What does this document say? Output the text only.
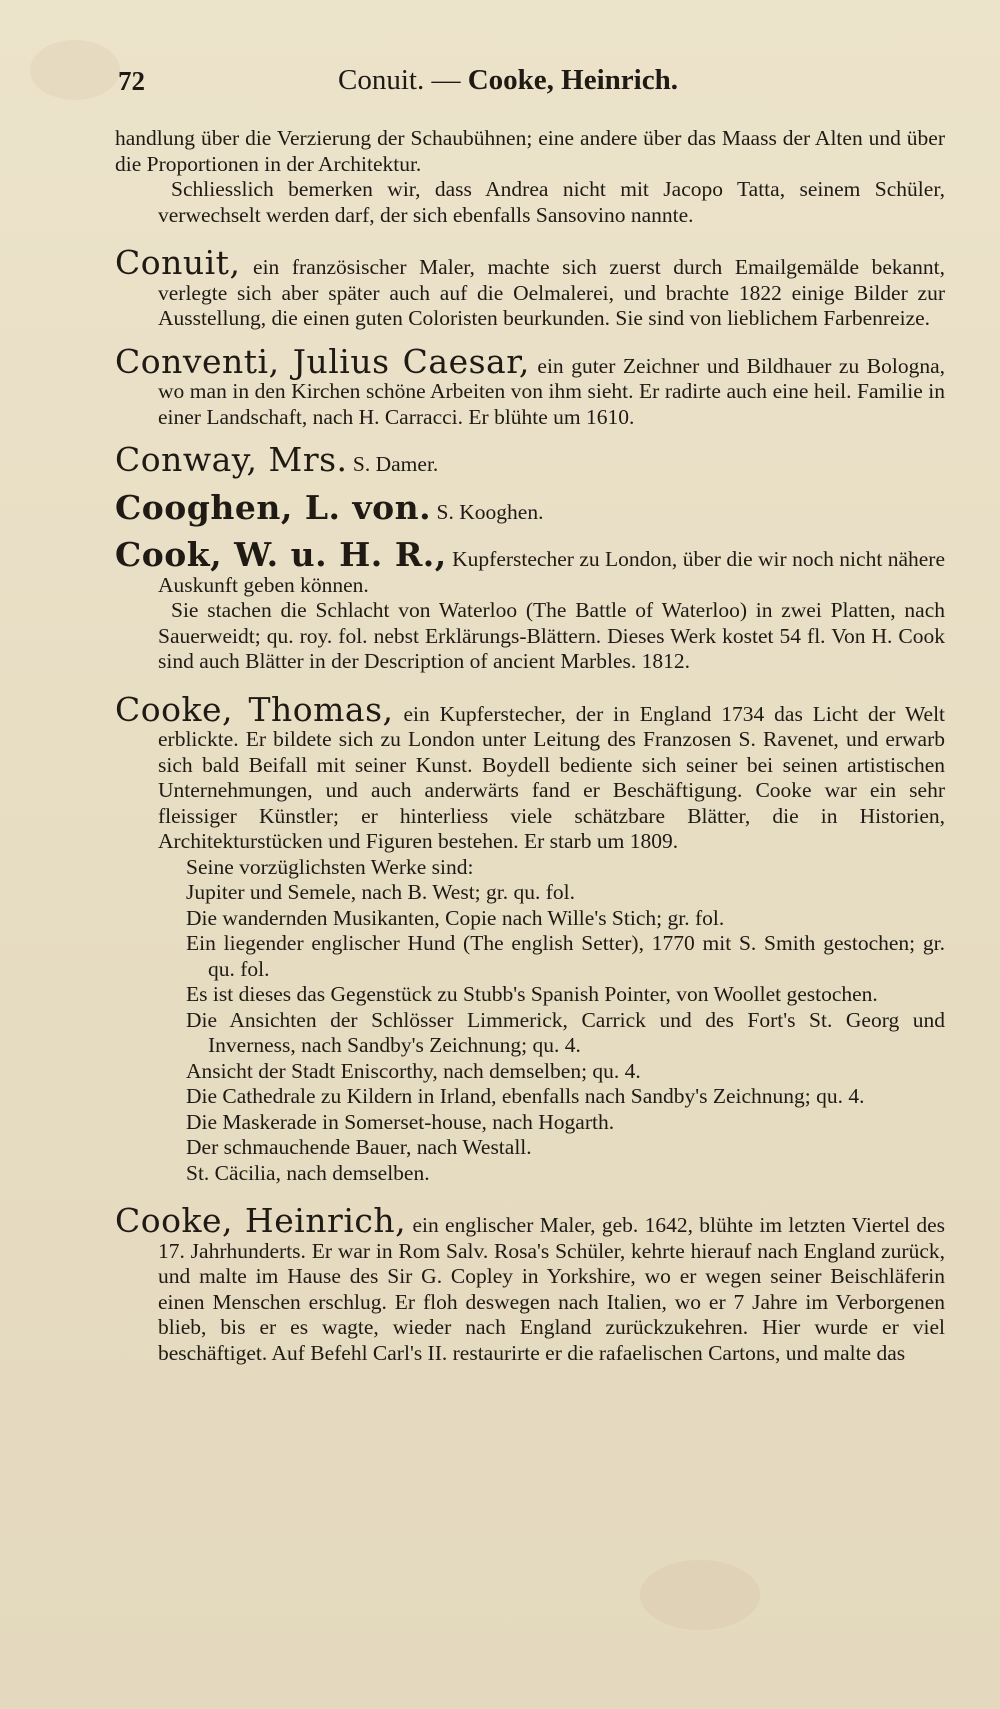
72	Conuit. — Cooke, Heinrich.

handlung über die Verzierung der Schaubühnen; eine andere über das Maass der Alten und über die Proportionen in der Architektur.

Schliesslich bemerken wir, dass Andrea nicht mit Jacopo Tatta, seinem Schüler, verwechselt werden darf, der sich ebenfalls Sansovino nannte.

Conuit, ein französischer Maler, machte sich zuerst durch Emailgemälde bekannt, verlegte sich aber später auch auf die Oelmalerei, und brachte 1822 einige Bilder zur Ausstellung, die einen guten Coloristen beurkunden. Sie sind von lieblichem Farbenreize.
Conventi, Julius Caesar, ein guter Zeichner und Bildhauer zu Bologna, wo man in den Kirchen schöne Arbeiten von ihm sieht. Er radirte auch eine heil. Familie in einer Landschaft, nach H. Carracci. Er blühte um 1610.
Conway, Mrs. S. Damer.
Cooghen, L. von. S. Kooghen.
Cook, W. u. H. R., Kupferstecher zu London, über die wir noch nicht nähere Auskunft geben können.

Sie stachen die Schlacht von Waterloo (The Battle of Waterloo) in zwei Platten, nach Sauerweidt; qu. roy. fol. nebst Erklärungs-Blättern. Dieses Werk kostet 54 fl. Von H. Cook sind auch Blätter in der Description of ancient Marbles. 1812.

Cooke, Thomas, ein Kupferstecher, der in England 1734 das Licht der Welt erblickte. Er bildete sich zu London unter Leitung des Franzosen S. Ravenet, und erwarb sich bald Beifall mit seiner Kunst. Boydell bediente sich seiner bei seinen artistischen Unternehmungen, und auch anderwärts fand er Beschäftigung. Cooke war ein sehr fleissiger Künstler; er hinterliess viele schätzbare Blätter, die in Historien, Architekturstücken und Figuren bestehen. Er starb um 1809.
Seine vorzüglichsten Werke sind:
Jupiter und Semele, nach B. West; gr. qu. fol.
Die wandernden Musikanten, Copie nach Wille's Stich; gr. fol.
Ein liegender englischer Hund (The english Setter), 1770 mit S. Smith gestochen; gr. qu. fol.
Es ist dieses das Gegenstück zu Stubb's Spanish Pointer, von Woollet gestochen.
Die Ansichten der Schlösser Limmerick, Carrick und des Fort's St. Georg und Inverness, nach Sandby's Zeichnung; qu. 4.
Ansicht der Stadt Eniscorthy, nach demselben; qu. 4.
Die Cathedrale zu Kildern in Irland, ebenfalls nach Sandby's Zeichnung; qu. 4.
Die Maskerade in Somerset-house, nach Hogarth.
Der schmauchende Bauer, nach Westall.
St. Cäcilia, nach demselben.
Cooke, Heinrich, ein englischer Maler, geb. 1642, blühte im letzten Viertel des 17. Jahrhunderts. Er war in Rom Salv. Rosa's Schüler, kehrte hierauf nach England zurück, und malte im Hause des Sir G. Copley in Yorkshire, wo er wegen seiner Beischläferin einen Menschen erschlug. Er floh deswegen nach Italien, wo er 7 Jahre im Verborgenen blieb, bis er es wagte, wieder nach England zurückzukehren. Hier wurde er viel beschäftiget. Auf Befehl Carl's II. restaurirte er die rafaelischen Cartons, und malte das
